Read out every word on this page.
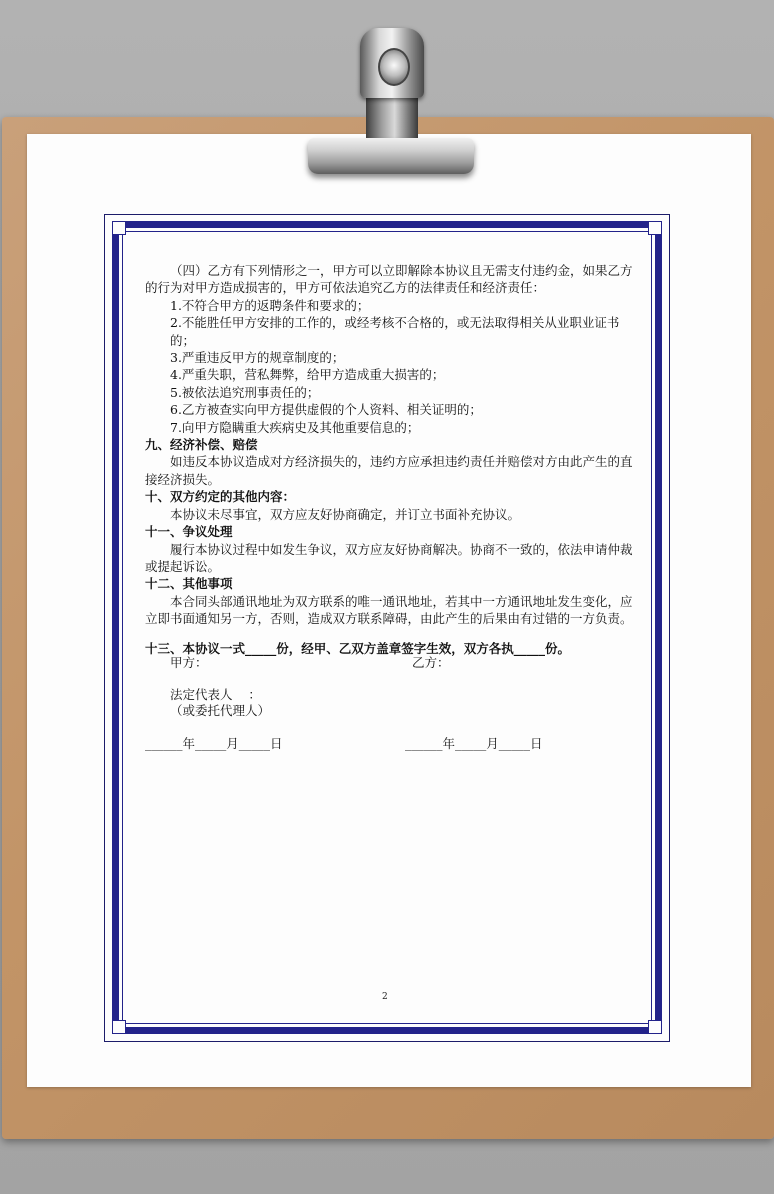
（四）乙方有下列情形之一，甲方可以立即解除本协议且无需支付违约金，如果乙方的行为对甲方造成损害的，甲方可依法追究乙方的法律责任和经济责任：

1.不符合甲方的返聘条件和要求的；

2.不能胜任甲方安排的工作的，或经考核不合格的，或无法取得相关从业职业证书的；

3.严重违反甲方的规章制度的；

4.严重失职，营私舞弊，给甲方造成重大损害的；

5.被依法追究刑事责任的；

6.乙方被查实向甲方提供虚假的个人资料、相关证明的；

7.向甲方隐瞒重大疾病史及其他重要信息的；

九、经济补偿、赔偿

如违反本协议造成对方经济损失的，违约方应承担违约责任并赔偿对方由此产生的直接经济损失。

十、双方约定的其他内容：

本协议未尽事宜，双方应友好协商确定，并订立书面补充协议。

十一、争议处理

履行本协议过程中如发生争议，双方应友好协商解决。协商不一致的，依法申请仲裁或提起诉讼。

十二、其他事项

本合同头部通讯地址为双方联系的唯一通讯地址，若其中一方通讯地址发生变化，应立即书面通知另一方，否则，造成双方联系障碍，由此产生的后果由有过错的一方负责。

十三、本协议一式_____份，经甲、乙双方盖章签字生效，双方各执_____份。

甲方：	乙方：
法定代表人    ：
（或委托代理人）
______年_____月_____日	______年_____月_____日
2
